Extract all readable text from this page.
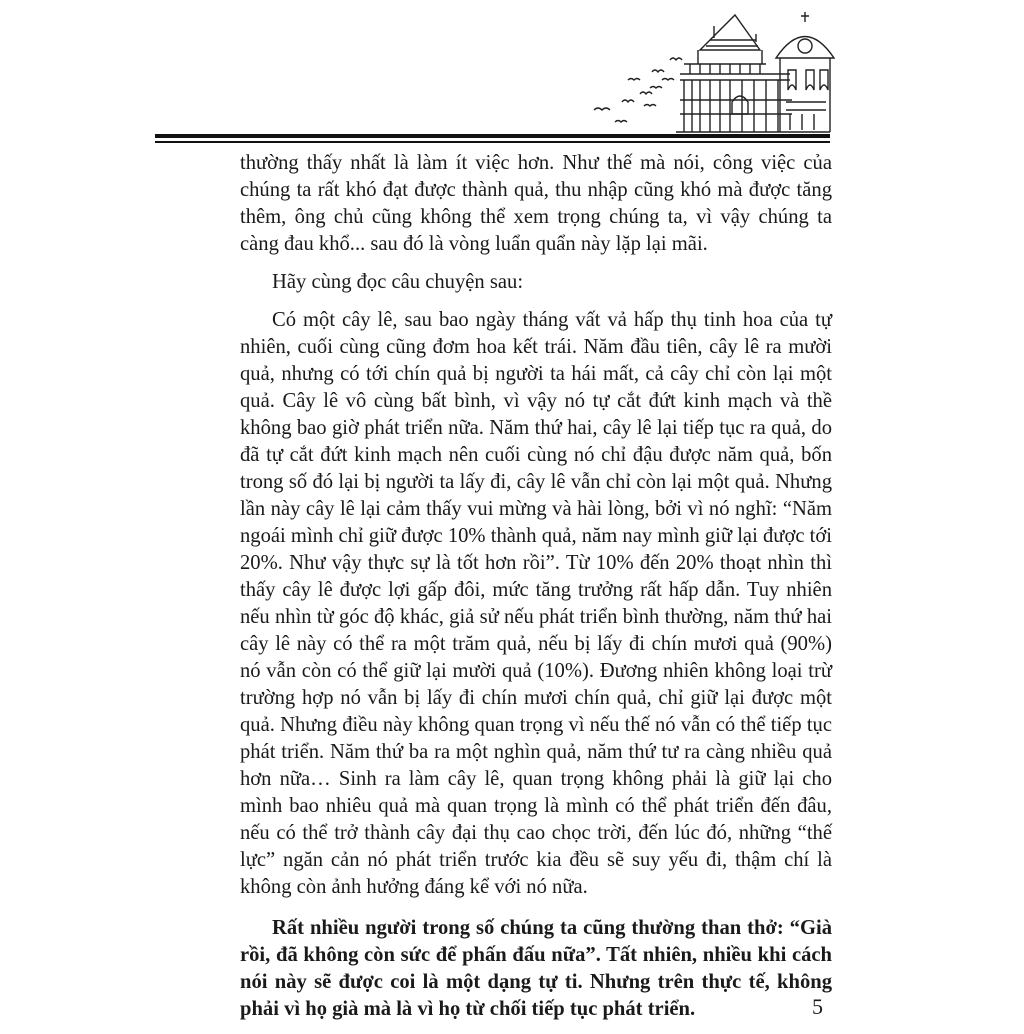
thường thấy nhất là làm ít việc hơn. Như thế mà nói, công việc của chúng ta rất khó đạt được thành quả, thu nhập cũng khó mà được tăng thêm, ông chủ cũng không thể xem trọng chúng ta, vì vậy chúng ta càng đau khổ... sau đó là vòng luẩn quẩn này lặp lại mãi.

Hãy cùng đọc câu chuyện sau:

Có một cây lê, sau bao ngày tháng vất vả hấp thụ tinh hoa của tự nhiên, cuối cùng cũng đơm hoa kết trái. Năm đầu tiên, cây lê ra mười quả, nhưng có tới chín quả bị người ta hái mất, cả cây chỉ còn lại một quả. Cây lê vô cùng bất bình, vì vậy nó tự cắt đứt kinh mạch và thề không bao giờ phát triển nữa. Năm thứ hai, cây lê lại tiếp tục ra quả, do đã tự cắt đứt kinh mạch nên cuối cùng nó chỉ đậu được năm quả, bốn trong số đó lại bị người ta lấy đi, cây lê vẫn chỉ còn lại một quả. Nhưng lần này cây lê lại cảm thấy vui mừng và hài lòng, bởi vì nó nghĩ: “Năm ngoái mình chỉ giữ được 10% thành quả, năm nay mình giữ lại được tới 20%. Như vậy thực sự là tốt hơn rồi”. Từ 10% đến 20% thoạt nhìn thì thấy cây lê được lợi gấp đôi, mức tăng trưởng rất hấp dẫn. Tuy nhiên nếu nhìn từ góc độ khác, giả sử nếu phát triển bình thường, năm thứ hai cây lê này có thể ra một trăm quả, nếu bị lấy đi chín mươi quả (90%) nó vẫn còn có thể giữ lại mười quả (10%). Đương nhiên không loại trừ trường hợp nó vẫn bị lấy đi chín mươi chín quả, chỉ giữ lại được một quả. Nhưng điều này không quan trọng vì nếu thế nó vẫn có thể tiếp tục phát triển. Năm thứ ba ra một nghìn quả, năm thứ tư ra càng nhiều quả hơn nữa… Sinh ra làm cây lê, quan trọng không phải là giữ lại cho mình bao nhiêu quả mà quan trọng là mình có thể phát triển đến đâu, nếu có thể trở thành cây đại thụ cao chọc trời, đến lúc đó, những “thế lực” ngăn cản nó phát triển trước kia đều sẽ suy yếu đi, thậm chí là không còn ảnh hưởng đáng kể với nó nữa.

Rất nhiều người trong số chúng ta cũng thường than thở: “Già rồi, đã không còn sức để phấn đấu nữa”. Tất nhiên, nhiều khi cách nói này sẽ được coi là một dạng tự ti. Nhưng trên thực tế, không phải vì họ già mà là vì họ từ chối tiếp tục phát triển.	5
